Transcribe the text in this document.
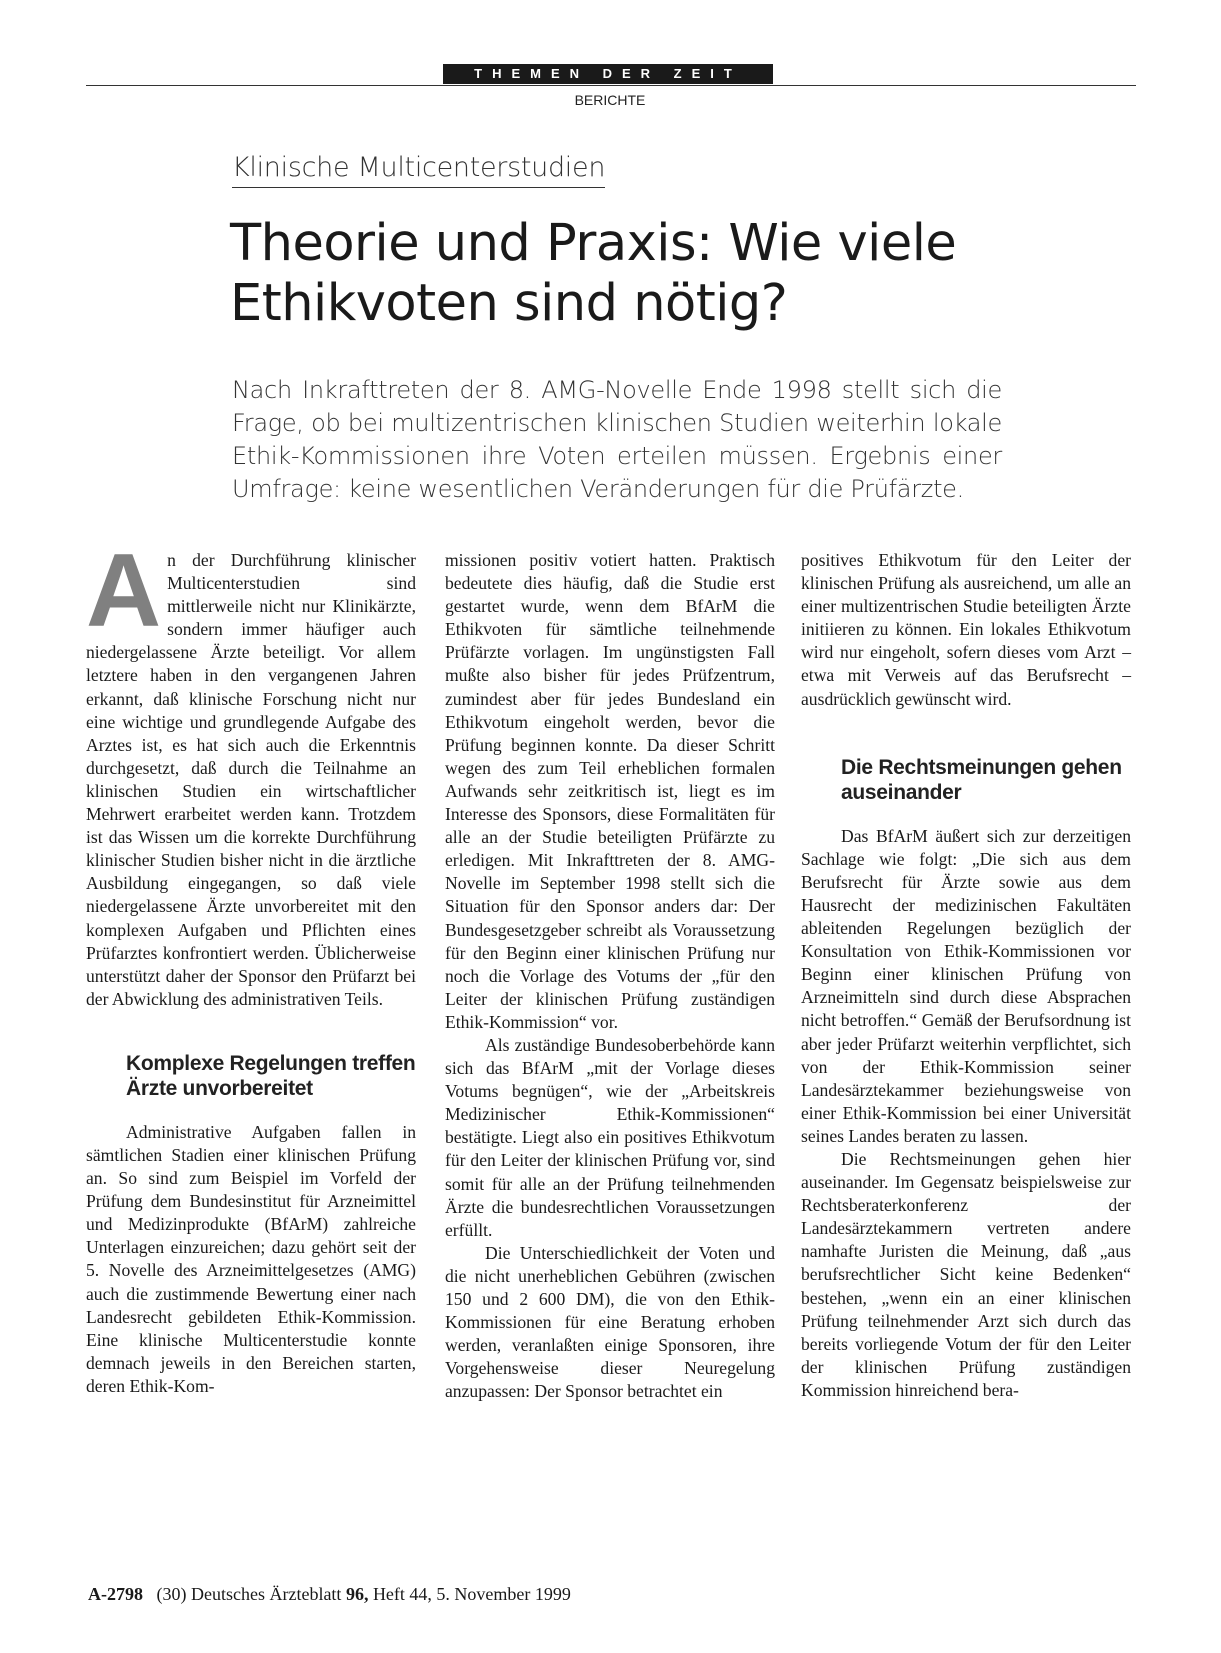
THEMEN DER ZEIT
BERICHTE
Klinische Multicenterstudien
Theorie und Praxis: Wie viele Ethikvoten sind nötig?

Nach Inkrafttreten der 8. AMG-Novelle Ende 1998 stellt sich die Frage, ob bei multizentrischen klinischen Studien weiterhin lokale Ethik-Kommissionen ihre Voten erteilen müssen. Ergebnis einer Umfrage: keine wesentlichen Veränderungen für die Prüfärzte.

An der Durchführung klinischer Multicenterstudien sind mittlerweile nicht nur Klinikärzte, sondern immer häufiger auch niedergelassene Ärzte beteiligt. Vor allem letztere haben in den vergangenen Jahren erkannt, daß klinische Forschung nicht nur eine wichtige und grundlegende Aufgabe des Arztes ist, es hat sich auch die Erkenntnis durchgesetzt, daß durch die Teilnahme an klinischen Studien ein wirtschaftlicher Mehrwert erarbeitet werden kann. Trotzdem ist das Wissen um die korrekte Durchführung klinischer Studien bisher nicht in die ärztliche Ausbildung eingegangen, so daß viele niedergelassene Ärzte unvorbereitet mit den komplexen Aufgaben und Pflichten eines Prüfarztes konfrontiert werden. Üblicherweise unterstützt daher der Sponsor den Prüfarzt bei der Abwicklung des administrativen Teils.

Komplexe Regelungen treffen Ärzte unvorbereitet

Administrative Aufgaben fallen in sämtlichen Stadien einer klinischen Prüfung an. So sind zum Beispiel im Vorfeld der Prüfung dem Bundesinstitut für Arzneimittel und Medizinprodukte (BfArM) zahlreiche Unterlagen einzureichen; dazu gehört seit der 5. Novelle des Arzneimittelgesetzes (AMG) auch die zustimmende Bewertung einer nach Landesrecht gebildeten Ethik-Kommission. Eine klinische Multicenterstudie konnte demnach jeweils in den Bereichen starten, deren Ethik-Kom-

missionen positiv votiert hatten. Praktisch bedeutete dies häufig, daß die Studie erst gestartet wurde, wenn dem BfArM die Ethikvoten für sämtliche teilnehmende Prüfärzte vorlagen. Im ungünstigsten Fall mußte also bisher für jedes Prüfzentrum, zumindest aber für jedes Bundesland ein Ethikvotum eingeholt werden, bevor die Prüfung beginnen konnte. Da dieser Schritt wegen des zum Teil erheblichen formalen Aufwands sehr zeitkritisch ist, liegt es im Interesse des Sponsors, diese Formalitäten für alle an der Studie beteiligten Prüfärzte zu erledigen. Mit Inkrafttreten der 8. AMG-Novelle im September 1998 stellt sich die Situation für den Sponsor anders dar: Der Bundesgesetzgeber schreibt als Voraussetzung für den Beginn einer klinischen Prüfung nur noch die Vorlage des Votums der „für den Leiter der klinischen Prüfung zuständigen Ethik-Kommission“ vor.

Als zuständige Bundesoberbehörde kann sich das BfArM „mit der Vorlage dieses Votums begnügen“, wie der „Arbeitskreis Medizinischer Ethik-Kommissionen“ bestätigte. Liegt also ein positives Ethikvotum für den Leiter der klinischen Prüfung vor, sind somit für alle an der Prüfung teilnehmenden Ärzte die bundesrechtlichen Voraussetzungen erfüllt.

Die Unterschiedlichkeit der Voten und die nicht unerheblichen Gebühren (zwischen 150 und 2 600 DM), die von den Ethik-Kommissionen für eine Beratung erhoben werden, veranlaßten einige Sponsoren, ihre Vorgehensweise dieser Neuregelung anzupassen: Der Sponsor betrachtet ein

positives Ethikvotum für den Leiter der klinischen Prüfung als ausreichend, um alle an einer multizentrischen Studie beteiligten Ärzte initiieren zu können. Ein lokales Ethikvotum wird nur eingeholt, sofern dieses vom Arzt – etwa mit Verweis auf das Berufsrecht – ausdrücklich gewünscht wird.

Die Rechtsmeinungen gehen auseinander

Das BfArM äußert sich zur derzeitigen Sachlage wie folgt: „Die sich aus dem Berufsrecht für Ärzte sowie aus dem Hausrecht der medizinischen Fakultäten ableitenden Regelungen bezüglich der Konsultation von Ethik-Kommissionen vor Beginn einer klinischen Prüfung von Arzneimitteln sind durch diese Absprachen nicht betroffen.“ Gemäß der Berufsordnung ist aber jeder Prüfarzt weiterhin verpflichtet, sich von der Ethik-Kommission seiner Landesärztekammer beziehungsweise von einer Ethik-Kommission bei einer Universität seines Landes beraten zu lassen.

Die Rechtsmeinungen gehen hier auseinander. Im Gegensatz beispielsweise zur Rechtsberaterkonferenz der Landesärztekammern vertreten andere namhafte Juristen die Meinung, daß „aus berufsrechtlicher Sicht keine Bedenken“ bestehen, „wenn ein an einer klinischen Prüfung teilnehmender Arzt sich durch das bereits vorliegende Votum der für den Leiter der klinischen Prüfung zuständigen Kommission hinreichend bera-

A-2798 (30) Deutsches Ärzteblatt 96, Heft 44, 5. November 1999
